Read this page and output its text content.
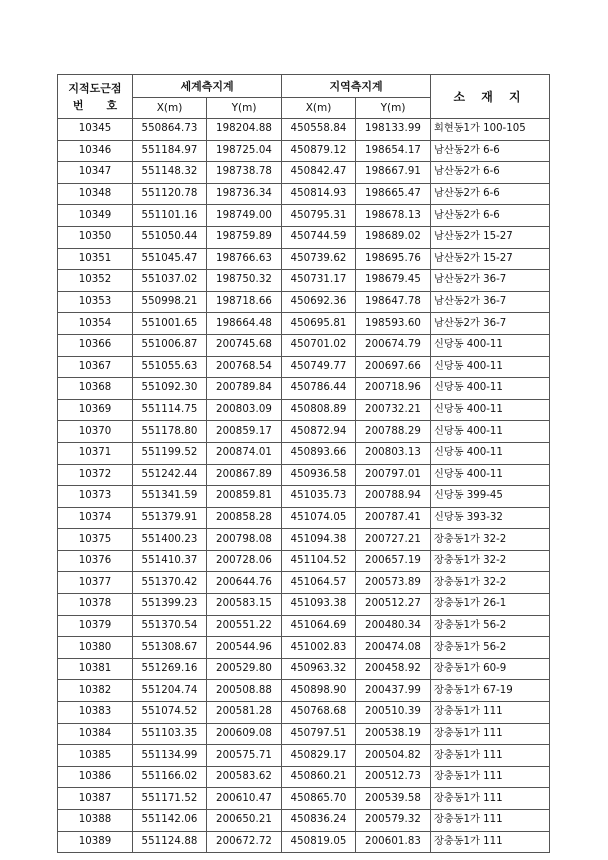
지적도근점
번      호	세계측지계		지역측지계		소 재 지
	X(m)	Y(m)	X(m)	Y(m)	
10345	550864.73	198204.88	450558.84	198133.99	회현동1가 100-105
10346	551184.97	198725.04	450879.12	198654.17	남산동2가 6-6
10347	551148.32	198738.78	450842.47	198667.91	남산동2가 6-6
10348	551120.78	198736.34	450814.93	198665.47	남산동2가 6-6
10349	551101.16	198749.00	450795.31	198678.13	남산동2가 6-6
10350	551050.44	198759.89	450744.59	198689.02	남산동2가 15-27
10351	551045.47	198766.63	450739.62	198695.76	남산동2가 15-27
10352	551037.02	198750.32	450731.17	198679.45	남산동2가 36-7
10353	550998.21	198718.66	450692.36	198647.78	남산동2가 36-7
10354	551001.65	198664.48	450695.81	198593.60	남산동2가 36-7
10366	551006.87	200745.68	450701.02	200674.79	신당동 400-11
10367	551055.63	200768.54	450749.77	200697.66	신당동 400-11
10368	551092.30	200789.84	450786.44	200718.96	신당동 400-11
10369	551114.75	200803.09	450808.89	200732.21	신당동 400-11
10370	551178.80	200859.17	450872.94	200788.29	신당동 400-11
10371	551199.52	200874.01	450893.66	200803.13	신당동 400-11
10372	551242.44	200867.89	450936.58	200797.01	신당동 400-11
10373	551341.59	200859.81	451035.73	200788.94	신당동 399-45
10374	551379.91	200858.28	451074.05	200787.41	신당동 393-32
10375	551400.23	200798.08	451094.38	200727.21	장충동1가 32-2
10376	551410.37	200728.06	451104.52	200657.19	장충동1가 32-2
10377	551370.42	200644.76	451064.57	200573.89	장충동1가 32-2
10378	551399.23	200583.15	451093.38	200512.27	장충동1가 26-1
10379	551370.54	200551.22	451064.69	200480.34	장충동1가 56-2
10380	551308.67	200544.96	451002.83	200474.08	장충동1가 56-2
10381	551269.16	200529.80	450963.32	200458.92	장충동1가 60-9
10382	551204.74	200508.88	450898.90	200437.99	장충동1가 67-19
10383	551074.52	200581.28	450768.68	200510.39	장충동1가 111
10384	551103.35	200609.08	450797.51	200538.19	장충동1가 111
10385	551134.99	200575.71	450829.17	200504.82	장충동1가 111
10386	551166.02	200583.62	450860.21	200512.73	장충동1가 111
10387	551171.52	200610.47	450865.70	200539.58	장충동1가 111
10388	551142.06	200650.21	450836.24	200579.32	장충동1가 111
10389	551124.88	200672.72	450819.05	200601.83	장충동1가 111
